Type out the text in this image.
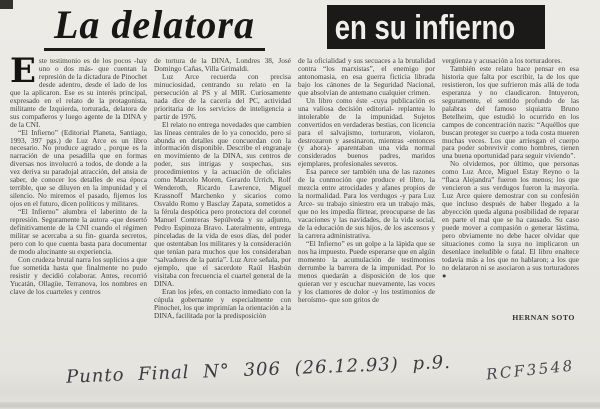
La delatora	en su infierno

Este testimonio es de los pocos -hay uno o dos más- que cuentan la represión de la dictadura de Pinochet desde adentro, desde el lado de los que la aplicaron. Ese es su interés principal, expresado en el relato de la protagonista, militante de Izquierda, torturada, delatora de sus compañeros y luego agente de la DINA y de la CNI.

“El Infierno” (Editorial Planeta, Santiago, 1993, 397 pgs.) de Luz Arce es un libro necesario. No produce agrado , porque es la narración de una pesadilla que en formas diversas nos involucró a todos, de donde a la vez deriva su paradojal atracción, del ansia de saber, de conocer los detalles de esa época terrible, que se diluyen en la impunidad y el silencio. No miremos el pasado, fijemos los ojos en el futuro, dicen políticos y militares.

“El Infierno” alumbra el laberinto de la represión. Seguramente la autora -que desertó definitivamente de la CNI cuando el régimen militar se acercaba a su fin- guarda secretos, pero con lo que cuenta basta para documentar de modo alucinante su experiencia.

Con crudeza brutal narra los suplicios a que fue sometida hasta que finalmente no pudo resistir y decidió colaborar. Antes, recorrió Yucatán, Ollagüe, Terranova, los nombres en clave de los cuarteles y centros

de tortura de la DINA, Londres 38, José Domingo Cañas, Villa Grimaldi.

Luz Arce recuerda con precisa minuciosidad, centrando su relato en la persecución al PS y al MIR. Curiosamente nada dice de la cacería del PC, actividad prioritaria de los servicios de inteligencia a partir de 1976.

El relato no entrega novedades que cambien las líneas centrales de lo ya conocido, pero sí abunda en detalles que concuerdan con la información disponible. Describe el engranaje en movimiento de la DINA, sus centros de poder, sus intrigas y sospechas, sus procedimientos y la actuación de oficiales como Marcelo Moren, Gerardo Urrich, Rolf Wenderoth, Ricardo Lawrence, Miguel Krassnoff Marchenko y sicarios como Osvaldo Romo y Basclay Zapata, sometidos a la férula despótica pero protectora del coronel Manuel Contreras Sepúlveda y su adjunto, Pedro Espinoza Bravo. Lateralmente, entrega pinceladas de la vida de esos días, del poder que ostentaban los militares y la consideración que tenían para muchos que los consideraban “salvadores de la patria”. Luz Arce señala, por ejemplo, que el sacerdote Raúl Hasbún visitaba con frecuencia el cuartel general de la DINA.

Eran los jefes, en contacto inmediato con la cúpula gobernante y especialmente con Pinochet, los que imprimían la orientación a la DINA, facilitada por la predisposición

de la oficialidad y sus secuaces a la brutalidad contra “los marxistas”, el enemigo por antonomasia, en esa guerra ficticia librada bajo los cánones de la Seguridad Nacional, que absolvían de antemano cualquier crimen.

Un libro como éste -cuya publicación es una valiosa decisión editorial- replantea lo intolerable de la impunidad. Sujetos convertidos en verdaderas bestias, con licencia para el salvajismo, torturaron, violaron, destrozaron y asesinaron, mientras -entonces (y ahora)- aparentaban una vida normal considerados buenos padres, maridos ejemplares, profesionales severos.

Esa parece ser también una de las razones de la conmoción que produce el libro, la mezcla entre atrocidades y afanes propios de la normalidad. Para los verdugos -y para Luz Arce- su trabajo siniestro era un trabajo más, que no les impedía flirtear, preocuparse de las vacaciones y las navidades, de la vida social, de la educación de sus hijos, de los ascensos y la carrera administrativa.

“El Infierno” es un golpe a la lápida que se nos ha impuesto. Puede esperarse que en algún momento la acumulación de testimonios derrumbe la barrera de la impunidad. Por lo menos quedarán a disposición de los que quieran ver y escuchar nuevamente, las voces y los clamores de dolor -y los testimonios de heroísmo- que son gritos de

vergüenza y acusación a los torturadores.

También este relato hace pensar en esa historia que falta por escribir, la de los que resistieron, los que sufrieron más allá de toda esperanza y no claudicaron. Intuyeron, seguramente, el sentido profundo de las palabras del famoso siquiatra Bruno Betelheim, que estudió lo ocurrido en los campos de concentración nazis: “Aquéllos que buscan proteger su cuerpo a toda costa mueren muchas veces. Los que arriesgan el cuerpo para poder sobrevivir como hombres, tienen una buena oportunidad para seguir viviendo”.

No olvidemos, por último, que personas como Luz Arce, Miguel Estay Reyno o la “flaca Alejandra” fueron los menos; los que vencieron a sus verdugos fueron la mayoría. Luz Arce quiere demostrar con su confesión que incluso después de haber llegado a la abyección queda alguna posibilidad de reparar en parte el mal que se ha causado. Su caso puede mover a compasión o generar lástima, pero obviamente no debe hacer olvidar que situaciones como la suya no implicaron un desenlace ineludible o fatal. El libro enaltece todavía más a los que no hablaron; a los que no delataron ni se asociaron a sus torturadores ●

HERNAN SOTO
Punto Final N° 306 (26.12.93) p.9. RCF3548
